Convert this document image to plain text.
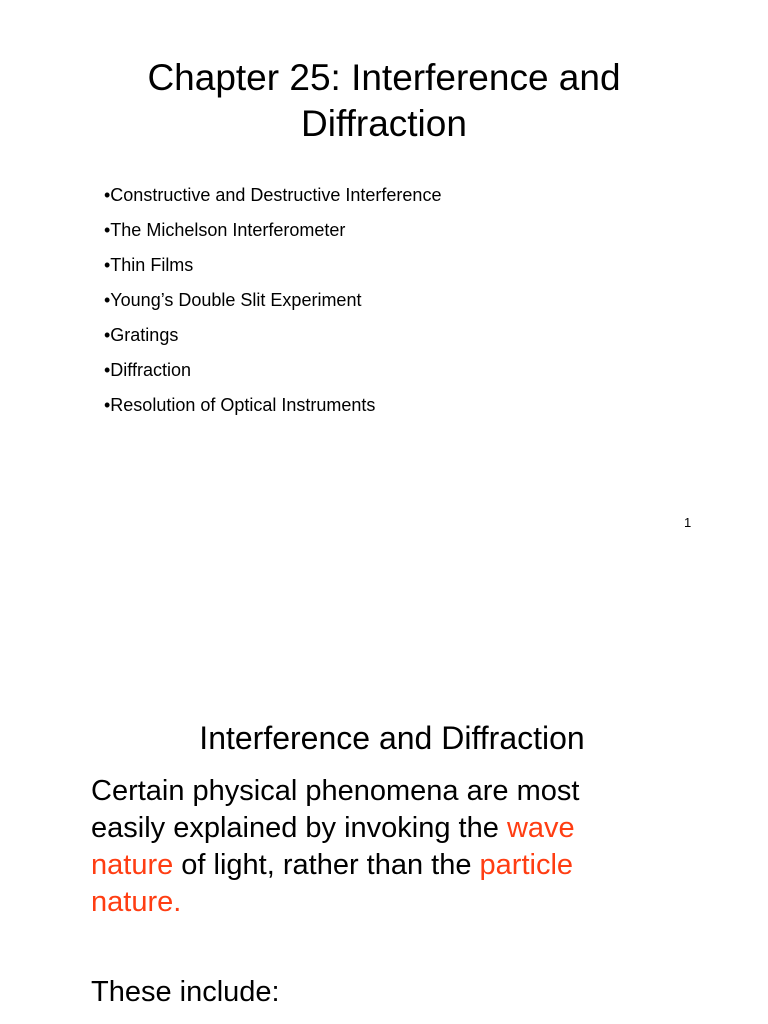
Chapter 25: Interference and Diffraction
•Constructive and Destructive Interference
•The Michelson Interferometer
•Thin Films
•Young’s Double Slit Experiment
•Gratings
•Diffraction
•Resolution of Optical Instruments
1
Interference and Diffraction

Certain physical phenomena are most easily explained by invoking the wave nature of light, rather than the particle nature.

These include:
